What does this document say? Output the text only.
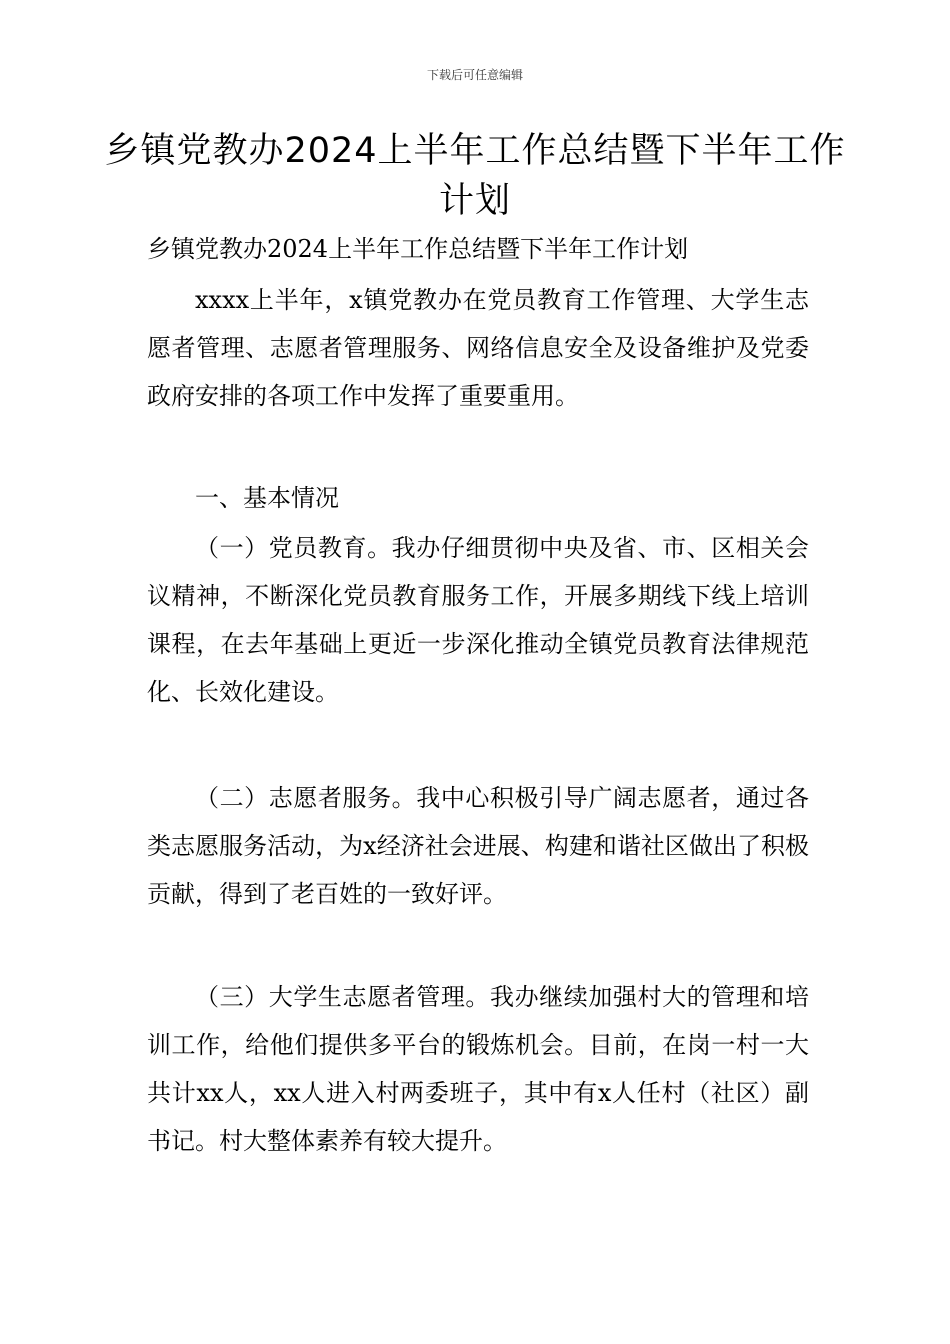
下载后可任意编辑
乡镇党教办2024上半年工作总结暨下半年工作计划

乡镇党教办2024上半年工作总结暨下半年工作计划

xxxx上半年，x镇党教办在党员教育工作管理、大学生志愿者管理、志愿者管理服务、网络信息安全及设备维护及党委政府安排的各项工作中发挥了重要重用。

一、基本情况

（一）党员教育。我办仔细贯彻中央及省、市、区相关会议精神，不断深化党员教育服务工作，开展多期线下线上培训课程，在去年基础上更近一步深化推动全镇党员教育法律规范化、长效化建设。

（二）志愿者服务。我中心积极引导广阔志愿者，通过各类志愿服务活动，为x经济社会进展、构建和谐社区做出了积极贡献，得到了老百姓的一致好评。

（三）大学生志愿者管理。我办继续加强村大的管理和培训工作，给他们提供多平台的锻炼机会。目前，在岗一村一大共计xx人，xx人进入村两委班子，其中有x人任村（社区）副书记。村大整体素养有较大提升。
